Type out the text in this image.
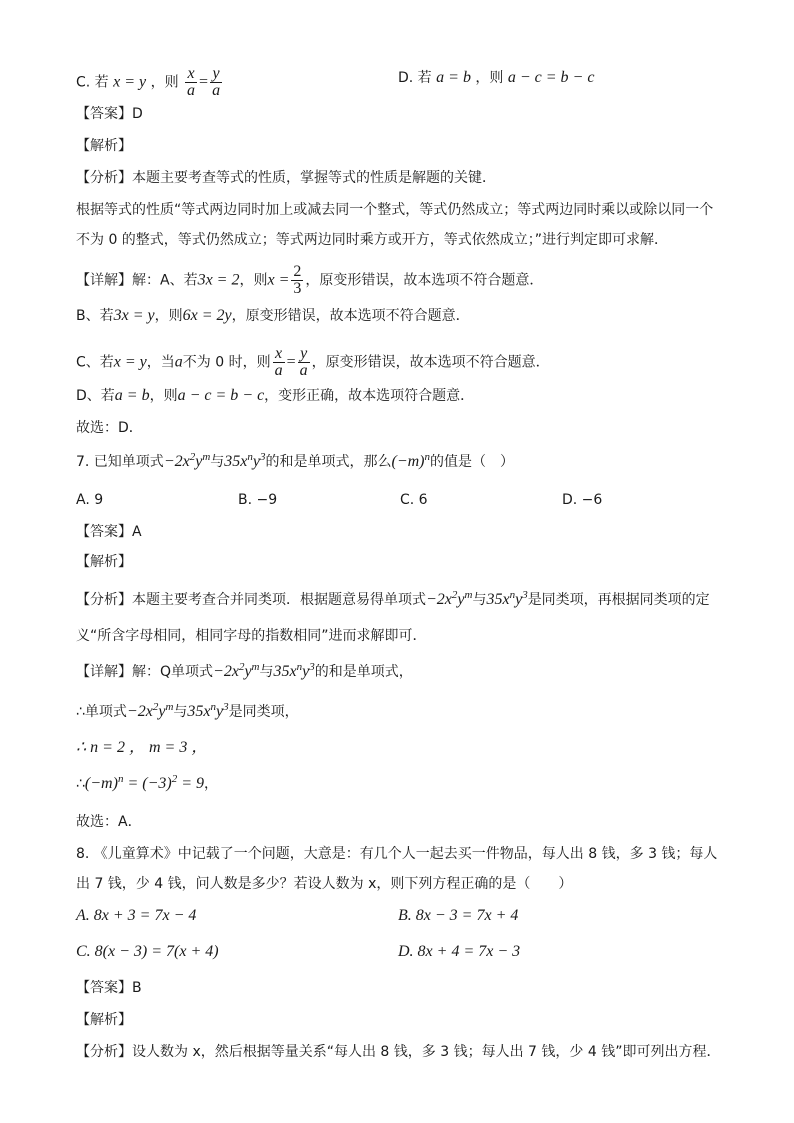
C. 若 x = y ，则 $\frac{x}{a} = \frac{y}{a}$	D. 若 a = b ，则 a − c = b − c
【答案】D
【解析】
【分析】本题主要考查等式的性质，掌握等式的性质是解题的关键．
根据等式的性质“等式两边同时加上或减去同一个整式，等式仍然成立；等式两边同时乘以或除以同一个
不为 0 的整式，等式仍然成立；等式两边同时乘方或开方，等式依然成立；”进行判定即可求解．
【详解】解：A、若3x = 2，则$x = \frac{2}{3}$ ，原变形错误，故本选项不符合题意．
B、若3x = y，则6x = 2y，原变形错误，故本选项不符合题意．
C、若x = y，当a不为 0 时，则 $\frac{x}{a} = \frac{y}{a}$ ，原变形错误，故本选项不符合题意．
D、若a = b，则a − c = b − c，变形正确，故本选项符合题意．
故选：D．
7. 已知单项式$-2x^2y^m$与$35x^ny^3$的和是单项式，那么$(-m)^n$的值是（　）
A. 9	B. −9	C. 6	D. −6
【答案】A
【解析】
【分析】本题主要考查合并同类项．根据题意易得单项式$-2x^2y^m$与$35x^ny^3$是同类项，再根据同类项的定
义“所含字母相同，相同字母的指数相同”进而求解即可．
【详解】解：Q单项式$-2x^2y^m$与$35x^ny^3$的和是单项式，
∴单项式$-2x^2y^m$与$35x^ny^3$是同类项，
∴ n = 2 ， m = 3 ，
$\therefore(-m)^n = (-3)^2 = 9$，
故选：A．
8. 《儿童算术》中记载了一个问题，大意是：有几个人一起去买一件物品，每人出 8 钱，多 3 钱；每人
出 7 钱，少 4 钱，问人数是多少？若设人数为 x，则下列方程正确的是（　　）
A. 8x + 3 = 7x − 4	B. 8x − 3 = 7x + 4
C. 8(x − 3) = 7(x + 4)	D. 8x + 4 = 7x − 3
【答案】B
【解析】
【分析】设人数为 x，然后根据等量关系“每人出 8 钱，多 3 钱；每人出 7 钱，少 4 钱”即可列出方程．
